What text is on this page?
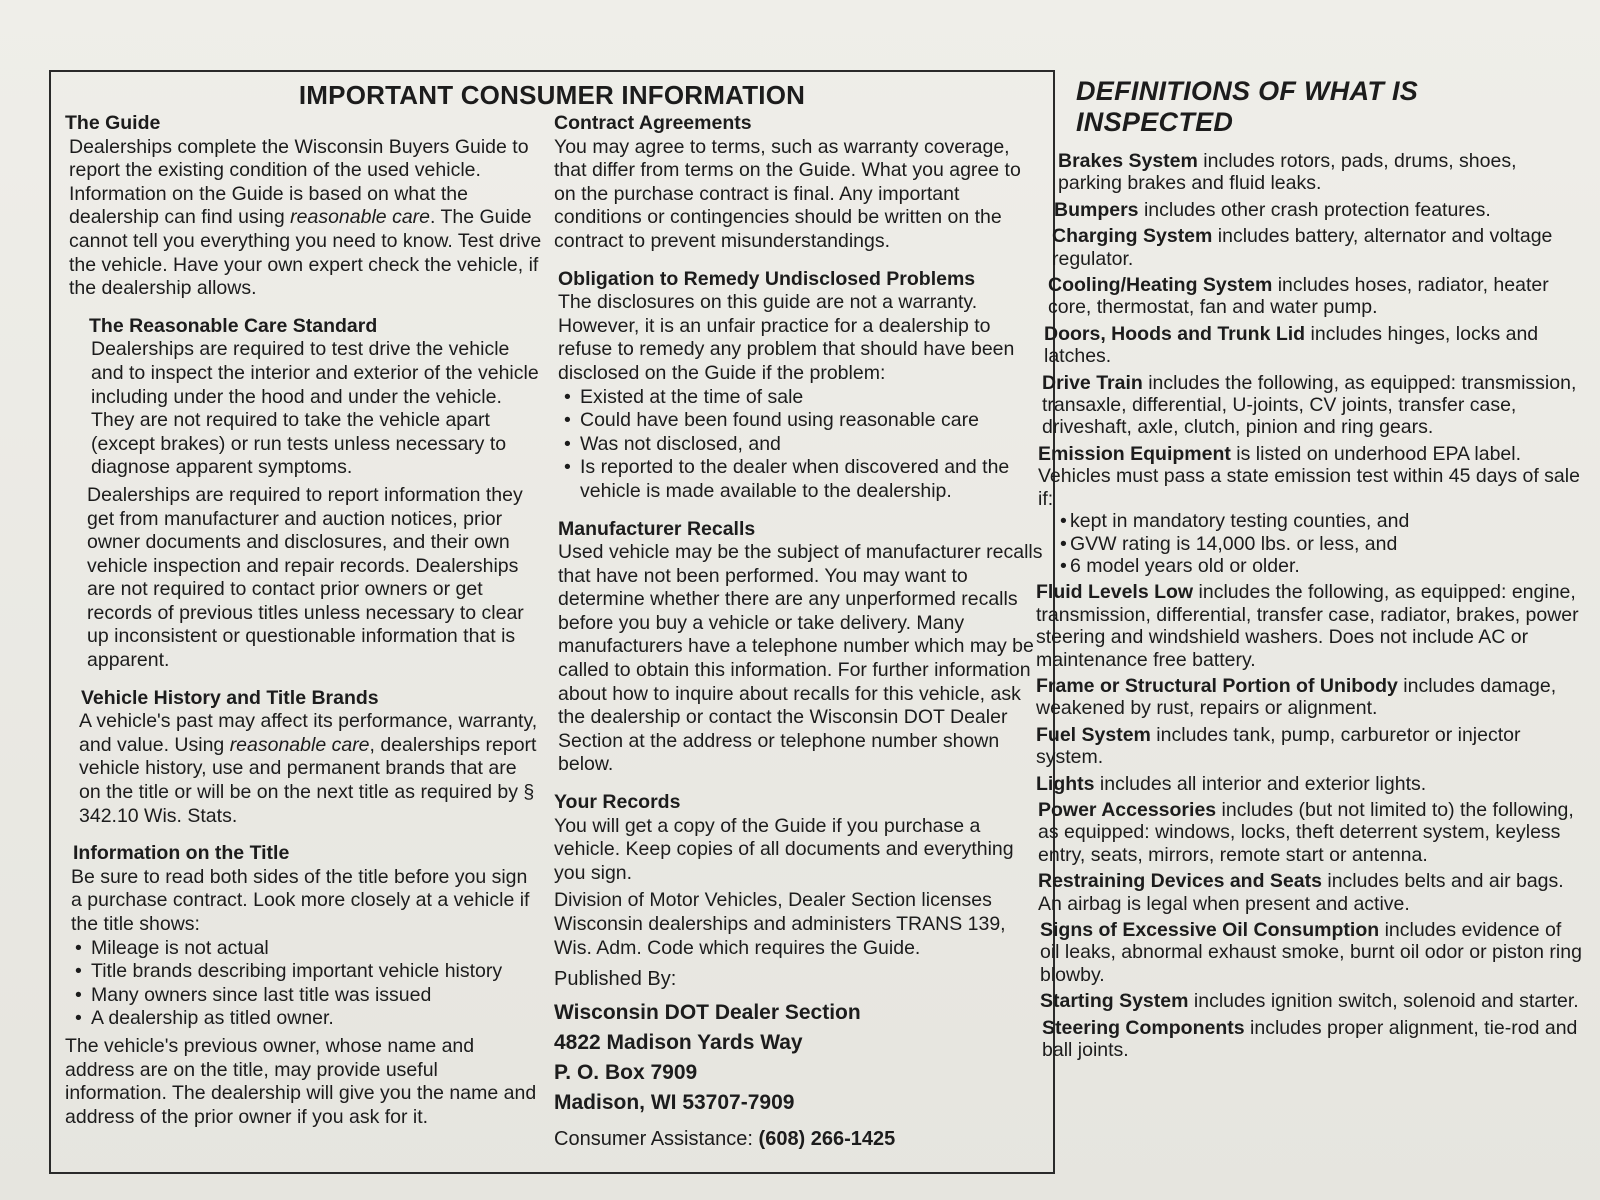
IMPORTANT CONSUMER INFORMATION
The Guide
Dealerships complete the Wisconsin Buyers Guide to report the existing condition of the used vehicle. Information on the Guide is based on what the dealership can find using reasonable care. The Guide cannot tell you everything you need to know. Test drive the vehicle. Have your own expert check the vehicle, if the dealership allows.
The Reasonable Care Standard
Dealerships are required to test drive the vehicle and to inspect the interior and exterior of the vehicle including under the hood and under the vehicle. They are not required to take the vehicle apart (except brakes) or run tests unless necessary to diagnose apparent symptoms.
Dealerships are required to report information they get from manufacturer and auction notices, prior owner documents and disclosures, and their own vehicle inspection and repair records. Dealerships are not required to contact prior owners or get records of previous titles unless necessary to clear up inconsistent or questionable information that is apparent.
Vehicle History and Title Brands
A vehicle's past may affect its performance, warranty, and value. Using reasonable care, dealerships report vehicle history, use and permanent brands that are on the title or will be on the next title as required by § 342.10 Wis. Stats.
Information on the Title
Be sure to read both sides of the title before you sign a purchase contract. Look more closely at a vehicle if the title shows:
• Mileage is not actual
• Title brands describing important vehicle history
• Many owners since last title was issued
• A dealership as titled owner.
The vehicle's previous owner, whose name and address are on the title, may provide useful information. The dealership will give you the name and address of the prior owner if you ask for it.
Contract Agreements
You may agree to terms, such as warranty coverage, that differ from terms on the Guide. What you agree to on the purchase contract is final. Any important conditions or contingencies should be written on the contract to prevent misunderstandings.
Obligation to Remedy Undisclosed Problems
The disclosures on this guide are not a warranty. However, it is an unfair practice for a dealership to refuse to remedy any problem that should have been disclosed on the Guide if the problem:
• Existed at the time of sale
• Could have been found using reasonable care
• Was not disclosed, and
• Is reported to the dealer when discovered and the vehicle is made available to the dealership.
Manufacturer Recalls
Used vehicle may be the subject of manufacturer recalls that have not been performed. You may want to determine whether there are any unperformed recalls before you buy a vehicle or take delivery. Many manufacturers have a telephone number which may be called to obtain this information. For further information about how to inquire about recalls for this vehicle, ask the dealership or contact the Wisconsin DOT Dealer Section at the address or telephone number shown below.
Your Records
You will get a copy of the Guide if you purchase a vehicle. Keep copies of all documents and everything you sign.
Division of Motor Vehicles, Dealer Section licenses Wisconsin dealerships and administers TRANS 139, Wis. Adm. Code which requires the Guide.
Published By:
Wisconsin DOT Dealer Section
4822 Madison Yards Way
P. O. Box 7909
Madison, WI 53707-7909
Consumer Assistance: (608) 266-1425
DEFINITIONS OF WHAT IS INSPECTED
Brakes System includes rotors, pads, drums, shoes, parking brakes and fluid leaks.
Bumpers includes other crash protection features.
Charging System includes battery, alternator and voltage regulator.
Cooling/Heating System includes hoses, radiator, heater core, thermostat, fan and water pump.
Doors, Hoods and Trunk Lid includes hinges, locks and latches.
Drive Train includes the following, as equipped: transmission, transaxle, differential, U-joints, CV joints, transfer case, driveshaft, axle, clutch, pinion and ring gears.
Emission Equipment is listed on underhood EPA label. Vehicles must pass a state emission test within 45 days of sale if:
• kept in mandatory testing counties, and
• GVW rating is 14,000 lbs. or less, and
• 6 model years old or older.
Fluid Levels Low includes the following, as equipped: engine, transmission, differential, transfer case, radiator, brakes, power steering and windshield washers. Does not include AC or maintenance free battery.
Frame or Structural Portion of Unibody includes damage, weakened by rust, repairs or alignment.
Fuel System includes tank, pump, carburetor or injector system.
Lights includes all interior and exterior lights.
Power Accessories includes (but not limited to) the following, as equipped: windows, locks, theft deterrent system, keyless entry, seats, mirrors, remote start or antenna.
Restraining Devices and Seats includes belts and air bags. An airbag is legal when present and active.
Signs of Excessive Oil Consumption includes evidence of oil leaks, abnormal exhaust smoke, burnt oil odor or piston ring blowby.
Starting System includes ignition switch, solenoid and starter.
Steering Components includes proper alignment, tie-rod and ball joints.
